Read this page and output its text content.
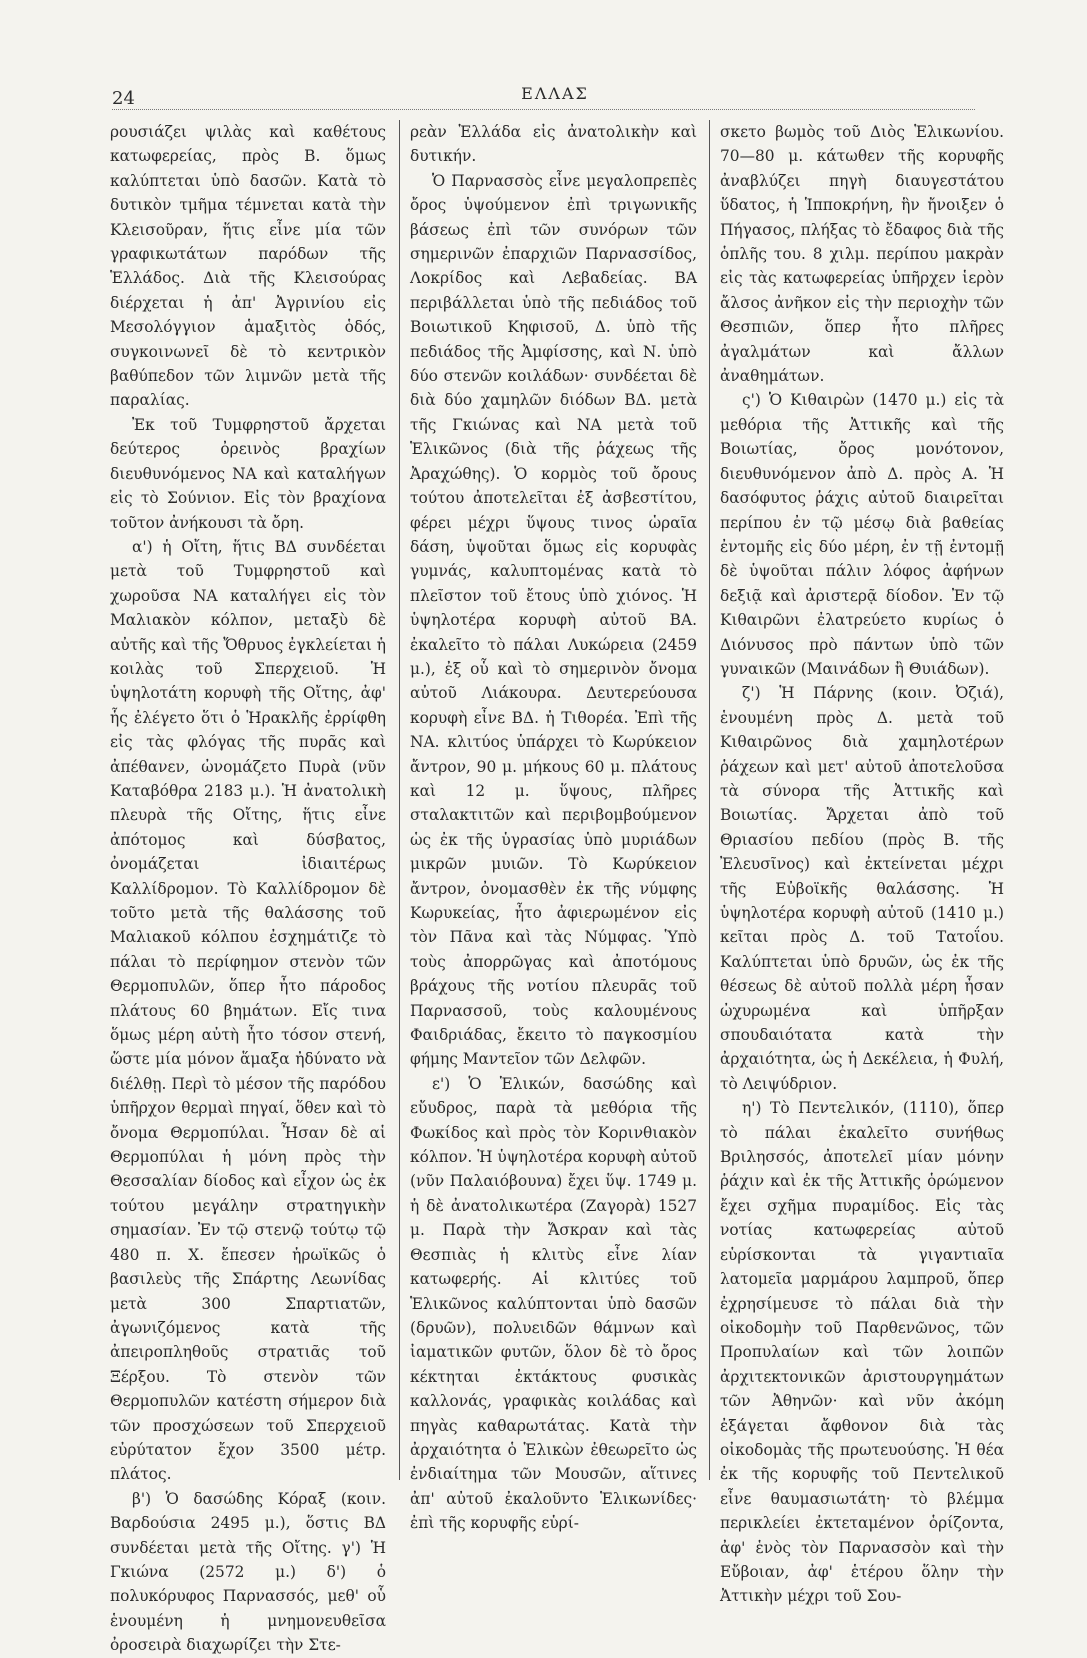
24	ΕΛΛΑΣ

ρουσιάζει ψιλὰς καὶ καθέτους κατωφερείας, πρὸς Β. ὅμως καλύπτεται ὑπὸ δασῶν. Κατὰ τὸ δυτικὸν τμῆμα τέμνεται κατὰ τὴν Κλεισοῦραν, ἥτις εἶνε μία τῶν γραφικωτάτων παρόδων τῆς Ἑλλάδος. Διὰ τῆς Κλεισούρας διέρχεται ἡ ἀπ' Ἀγρινίου εἰς Μεσολόγγιον ἁμαξιτὸς ὁδός, συγκοινωνεῖ δὲ τὸ κεντρικὸν βαθύπεδον τῶν λιμνῶν μετὰ τῆς παραλίας.

Ἐκ τοῦ Τυμφρηστοῦ ἄρχεται δεύτερος ὀρεινὸς βραχίων διευθυνόμενος ΝΑ καὶ καταλήγων εἰς τὸ Σούνιον. Εἰς τὸν βραχίονα τοῦτον ἀνήκουσι τὰ ὄρη.

α') ἡ Οἴτη, ἥτις ΒΔ συνδέεται μετὰ τοῦ Τυμφρηστοῦ καὶ χωροῦσα ΝΑ καταλήγει εἰς τὸν Μαλιακὸν κόλπον, μεταξὺ δὲ αὐτῆς καὶ τῆς Ὄθρυος ἐγκλείεται ἡ κοιλὰς τοῦ Σπερχειοῦ. Ἡ ὑψηλοτάτη κορυφὴ τῆς Οἴτης, ἀφ' ἧς ἐλέγετο ὅτι ὁ Ἡρακλῆς ἐρρίφθη εἰς τὰς φλόγας τῆς πυρᾶς καὶ ἀπέθανεν, ὠνομάζετο Πυρὰ (νῦν Καταβόθρα 2183 μ.). Ἡ ἀνατολικὴ πλευρὰ τῆς Οἴτης, ἥτις εἶνε ἀπότομος καὶ δύσβατος, ὀνομάζεται ἰδιαιτέρως Καλλίδρομον. Τὸ Καλλίδρομον δὲ τοῦτο μετὰ τῆς θαλάσσης τοῦ Μαλιακοῦ κόλπου ἐσχημάτιζε τὸ πάλαι τὸ περίφημον στενὸν τῶν Θερμοπυλῶν, ὅπερ ἦτο πάροδος πλάτους 60 βημάτων. Εἴς τινα ὅμως μέρη αὐτὴ ἦτο τόσον στενή, ὥστε μία μόνον ἅμαξα ἠδύνατο νὰ διέλθῃ. Περὶ τὸ μέσον τῆς παρόδου ὑπῆρχον θερμαὶ πηγαί, ὅθεν καὶ τὸ ὄνομα Θερμοπύλαι. Ἦσαν δὲ αἱ Θερμοπύλαι ἡ μόνη πρὸς τὴν Θεσσαλίαν δίοδος καὶ εἶχον ὡς ἐκ τούτου μεγάλην στρατηγικὴν σημασίαν. Ἐν τῷ στενῷ τούτῳ τῷ 480 π. Χ. ἔπεσεν ἡρωϊκῶς ὁ βασιλεὺς τῆς Σπάρτης Λεωνίδας μετὰ 300 Σπαρτιατῶν, ἀγωνιζόμενος κατὰ τῆς ἀπειροπληθοῦς στρατιᾶς τοῦ Ξέρξου. Τὸ στενὸν τῶν Θερμοπυλῶν κατέστη σήμερον διὰ τῶν προσχώσεων τοῦ Σπερχειοῦ εὐρύτατον ἔχον 3500 μέτρ. πλάτος.

β') Ὁ δασώδης Κόραξ (κοιν. Βαρδούσια 2495 μ.), ὅστις ΒΔ συνδέεται μετὰ τῆς Οἴτης. γ') Ἡ Γκιώνα (2572 μ.) δ') ὁ πολυκόρυφος Παρνασσός, μεθ' οὗ ἑνουμένη ἡ μνημονευθεῖσα ὀροσειρὰ διαχωρίζει τὴν Στε-

ρεὰν Ἑλλάδα εἰς ἀνατολικὴν καὶ δυτικήν.

Ὁ Παρνασσὸς εἶνε μεγαλοπρεπὲς ὄρος ὑψούμενον ἐπὶ τριγωνικῆς βάσεως ἐπὶ τῶν συνόρων τῶν σημερινῶν ἐπαρχιῶν Παρνασσίδος, Λοκρίδος καὶ Λεβαδείας. ΒΑ περιβάλλεται ὑπὸ τῆς πεδιάδος τοῦ Βοιωτικοῦ Κηφισοῦ, Δ. ὑπὸ τῆς πεδιάδος τῆς Ἀμφίσσης, καὶ Ν. ὑπὸ δύο στενῶν κοιλάδων· συνδέεται δὲ διὰ δύο χαμηλῶν διόδων ΒΔ. μετὰ τῆς Γκιώνας καὶ ΝΑ μετὰ τοῦ Ἑλικῶνος (διὰ τῆς ῥάχεως τῆς Ἀραχώθης). Ὁ κορμὸς τοῦ ὄρους τούτου ἀποτελεῖται ἐξ ἀσβεστίτου, φέρει μέχρι ὕψους τινος ὡραῖα δάση, ὑψοῦται ὅμως εἰς κορυφὰς γυμνάς, καλυπτομένας κατὰ τὸ πλεῖστον τοῦ ἔτους ὑπὸ χιόνος. Ἡ ὑψηλοτέρα κορυφὴ αὐτοῦ ΒΑ. ἐκαλεῖτο τὸ πάλαι Λυκώρεια (2459 μ.), ἐξ οὗ καὶ τὸ σημερινὸν ὄνομα αὐτοῦ Λιάκουρα. Δευτερεύουσα κορυφὴ εἶνε ΒΔ. ἡ Τιθορέα. Ἐπὶ τῆς ΝΑ. κλιτύος ὑπάρχει τὸ Κωρύκειον ἄντρον, 90 μ. μήκους 60 μ. πλάτους καὶ 12 μ. ὕψους, πλῆρες σταλακτιτῶν καὶ περιβομβούμενον ὡς ἐκ τῆς ὑγρασίας ὑπὸ μυριάδων μικρῶν μυιῶν. Τὸ Κωρύκειον ἄντρον, ὀνομασθὲν ἐκ τῆς νύμφης Κωρυκείας, ἦτο ἀφιερωμένον εἰς τὸν Πᾶνα καὶ τὰς Νύμφας. Ὑπὸ τοὺς ἀπορρῶγας καὶ ἀποτόμους βράχους τῆς νοτίου πλευρᾶς τοῦ Παρνασσοῦ, τοὺς καλουμένους Φαιδριάδας, ἔκειτο τὸ παγκοσμίου φήμης Μαντεῖον τῶν Δελφῶν.

ε') Ὁ Ἑλικών, δασώδης καὶ εὔυδρος, παρὰ τὰ μεθόρια τῆς Φωκίδος καὶ πρὸς τὸν Κορινθιακὸν κόλπον. Ἡ ὑψηλοτέρα κορυφὴ αὐτοῦ (νῦν Παλαιόβουνα) ἔχει ὕψ. 1749 μ. ἡ δὲ ἀνατολικωτέρα (Ζαγορὰ) 1527 μ. Παρὰ τὴν Ἄσκραν καὶ τὰς Θεσπιὰς ἡ κλιτὺς εἶνε λίαν κατωφερής. Αἱ κλιτύες τοῦ Ἑλικῶνος καλύπτονται ὑπὸ δασῶν (δρυῶν), πολυειδῶν θάμνων καὶ ἰαματικῶν φυτῶν, ὅλον δὲ τὸ ὄρος κέκτηται ἐκτάκτους φυσικὰς καλλονάς, γραφικὰς κοιλάδας καὶ πηγὰς καθαρωτάτας. Κατὰ τὴν ἀρχαιότητα ὁ Ἑλικὼν ἐθεωρεῖτο ὡς ἐνδιαίτημα τῶν Μουσῶν, αἵτινες ἀπ' αὐτοῦ ἐκαλοῦντο Ἑλικωνίδες· ἐπὶ τῆς κορυφῆς εὑρί-

σκετο βωμὸς τοῦ Διὸς Ἑλικωνίου. 70—80 μ. κάτωθεν τῆς κορυφῆς ἀναβλύζει πηγὴ διαυγεστάτου ὕδατος, ἡ Ἱπποκρήνη, ἣν ἤνοιξεν ὁ Πήγασος, πλήξας τὸ ἔδαφος διὰ τῆς ὁπλῆς του. 8 χιλμ. περίπου μακρὰν εἰς τὰς κατωφερείας ὑπῆρχεν ἱερὸν ἄλσος ἀνῆκον εἰς τὴν περιοχὴν τῶν Θεσπιῶν, ὅπερ ἦτο πλῆρες ἀγαλμάτων καὶ ἄλλων ἀναθημάτων.

ς') Ὁ Κιθαιρὼν (1470 μ.) εἰς τὰ μεθόρια τῆς Ἀττικῆς καὶ τῆς Βοιωτίας, ὄρος μονότονον, διευθυνόμενον ἀπὸ Δ. πρὸς Α. Ἡ δασόφυτος ῥάχις αὐτοῦ διαιρεῖται περίπου ἐν τῷ μέσῳ διὰ βαθείας ἐντομῆς εἰς δύο μέρη, ἐν τῇ ἐντομῇ δὲ ὑψοῦται πάλιν λόφος ἀφήνων δεξιᾷ καὶ ἀριστερᾷ δίοδον. Ἐν τῷ Κιθαιρῶνι ἐλατρεύετο κυρίως ὁ Διόνυσος πρὸ πάντων ὑπὸ τῶν γυναικῶν (Μαινάδων ἢ Θυιάδων).

ζ') Ἡ Πάρνης (κοιν. Ὀζιά), ἑνουμένη πρὸς Δ. μετὰ τοῦ Κιθαιρῶνος διὰ χαμηλοτέρων ῥάχεων καὶ μετ' αὐτοῦ ἀποτελοῦσα τὰ σύνορα τῆς Ἀττικῆς καὶ Βοιωτίας. Ἄρχεται ἀπὸ τοῦ Θριασίου πεδίου (πρὸς Β. τῆς Ἐλευσῖνος) καὶ ἐκτείνεται μέχρι τῆς Εὐβοϊκῆς θαλάσσης. Ἡ ὑψηλοτέρα κορυφὴ αὐτοῦ (1410 μ.) κεῖται πρὸς Δ. τοῦ Τατοΐου. Καλύπτεται ὑπὸ δρυῶν, ὡς ἐκ τῆς θέσεως δὲ αὐτοῦ πολλὰ μέρη ἦσαν ὠχυρωμένα καὶ ὑπῆρξαν σπουδαιότατα κατὰ τὴν ἀρχαιότητα, ὡς ἡ Δεκέλεια, ἡ Φυλή, τὸ Λειψύδριον.

η') Τὸ Πεντελικόν, (1110), ὅπερ τὸ πάλαι ἐκαλεῖτο συνήθως Βριλησσός, ἀποτελεῖ μίαν μόνην ῥάχιν καὶ ἐκ τῆς Ἀττικῆς ὁρώμενον ἔχει σχῆμα πυραμίδος. Εἰς τὰς νοτίας κατωφερείας αὐτοῦ εὑρίσκονται τὰ γιγαντιαῖα λατομεῖα μαρμάρου λαμπροῦ, ὅπερ ἐχρησίμευσε τὸ πάλαι διὰ τὴν οἰκοδομὴν τοῦ Παρθενῶνος, τῶν Προπυλαίων καὶ τῶν λοιπῶν ἀρχιτεκτονικῶν ἀριστουργημάτων τῶν Ἀθηνῶν· καὶ νῦν ἀκόμη ἐξάγεται ἄφθονον διὰ τὰς οἰκοδομὰς τῆς πρωτευούσης. Ἡ θέα ἐκ τῆς κορυφῆς τοῦ Πεντελικοῦ εἶνε θαυμασιωτάτη· τὸ βλέμμα περικλείει ἐκτεταμένον ὁρίζοντα, ἀφ' ἑνὸς τὸν Παρνασσὸν καὶ τὴν Εὔβοιαν, ἀφ' ἑτέρου ὅλην τὴν Ἀττικὴν μέχρι τοῦ Σου-
